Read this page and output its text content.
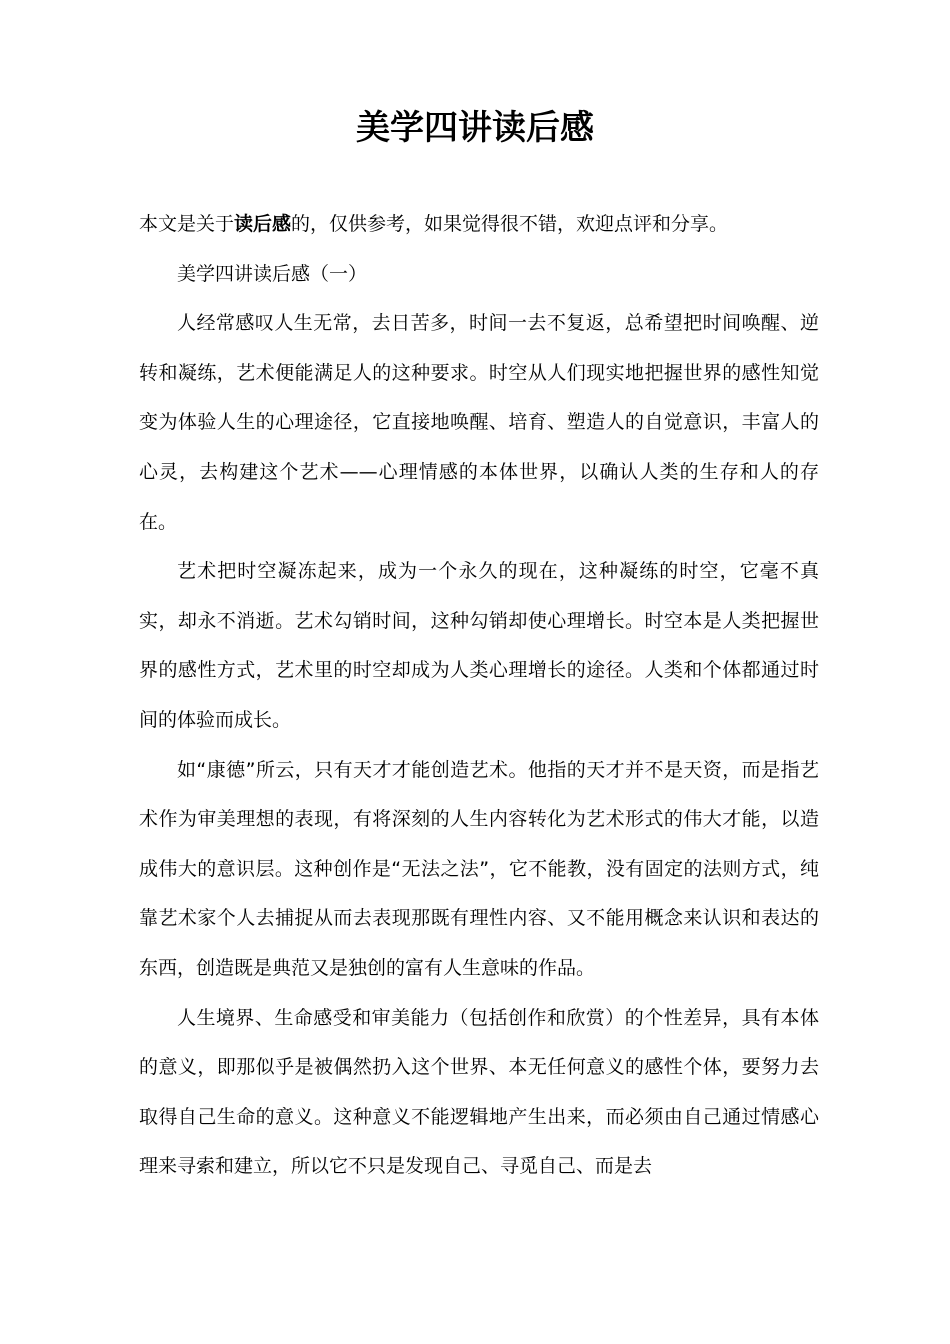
美学四讲读后感

本文是关于读后感的，仅供参考，如果觉得很不错，欢迎点评和分享。

美学四讲读后感（一）

人经常感叹人生无常，去日苦多，时间一去不复返，总希望把时间唤醒、逆转和凝练，艺术便能满足人的这种要求。时空从人们现实地把握世界的感性知觉变为体验人生的心理途径，它直接地唤醒、培育、塑造人的自觉意识，丰富人的心灵，去构建这个艺术——心理情感的本体世界，以确认人类的生存和人的存在。

艺术把时空凝冻起来，成为一个永久的现在，这种凝练的时空，它毫不真实，却永不消逝。艺术勾销时间，这种勾销却使心理增长。时空本是人类把握世界的感性方式，艺术里的时空却成为人类心理增长的途径。人类和个体都通过时间的体验而成长。

如“康德”所云，只有天才才能创造艺术。他指的天才并不是天资，而是指艺术作为审美理想的表现，有将深刻的人生内容转化为艺术形式的伟大才能，以造成伟大的意识层。这种创作是“无法之法”，它不能教，没有固定的法则方式，纯靠艺术家个人去捕捉从而去表现那既有理性内容、又不能用概念来认识和表达的东西，创造既是典范又是独创的富有人生意味的作品。

人生境界、生命感受和审美能力（包括创作和欣赏）的个性差异，具有本体的意义，即那似乎是被偶然扔入这个世界、本无任何意义的感性个体，要努力去取得自己生命的意义。这种意义不能逻辑地产生出来，而必须由自己通过情感心理来寻索和建立，所以它不只是发现自己、寻觅自己、而是去
